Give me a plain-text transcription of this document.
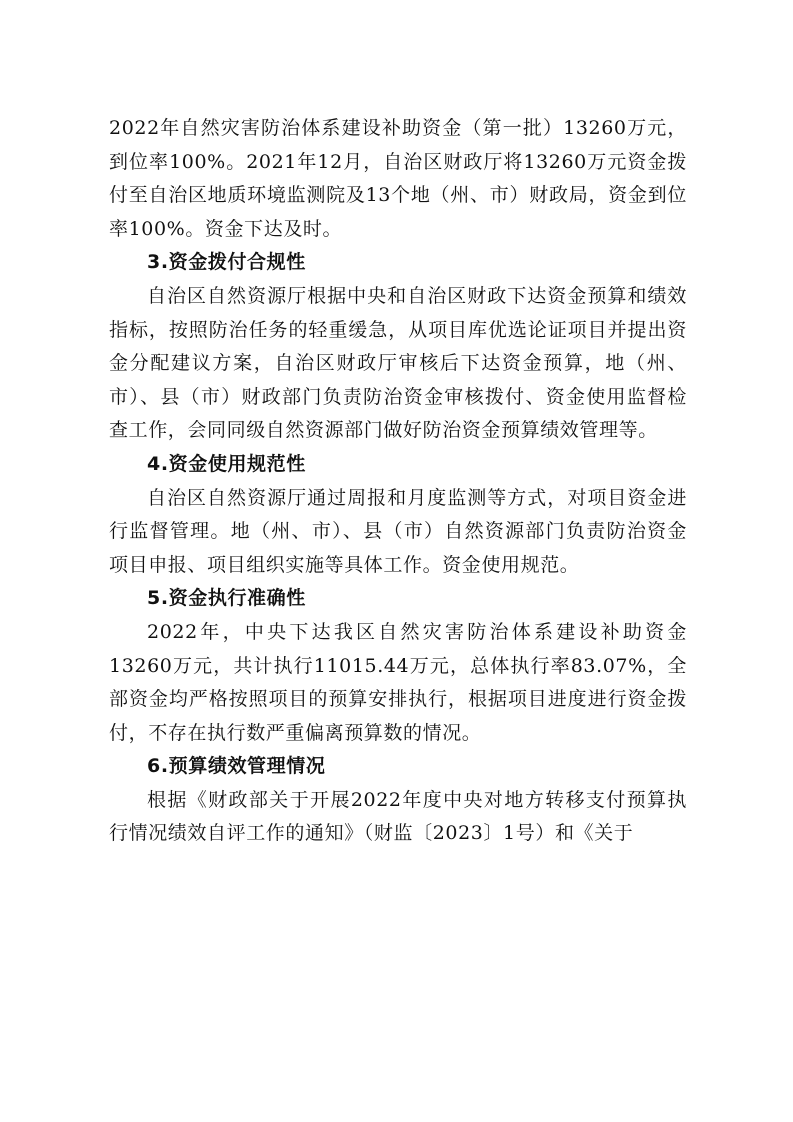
2022年自然灾害防治体系建设补助资金（第一批）13260万元，到位率100%。2021年12月，自治区财政厅将13260万元资金拨付至自治区地质环境监测院及13个地（州、市）财政局，资金到位率100%。资金下达及时。

3.资金拨付合规性

自治区自然资源厅根据中央和自治区财政下达资金预算和绩效指标，按照防治任务的轻重缓急，从项目库优选论证项目并提出资金分配建议方案，自治区财政厅审核后下达资金预算，地（州、市）、县（市）财政部门负责防治资金审核拨付、资金使用监督检查工作，会同同级自然资源部门做好防治资金预算绩效管理等。

4.资金使用规范性

自治区自然资源厅通过周报和月度监测等方式，对项目资金进行监督管理。地（州、市）、县（市）自然资源部门负责防治资金项目申报、项目组织实施等具体工作。资金使用规范。

5.资金执行准确性

2022年，中央下达我区自然灾害防治体系建设补助资金13260万元，共计执行11015.44万元，总体执行率83.07%，全部资金均严格按照项目的预算安排执行，根据项目进度进行资金拨付，不存在执行数严重偏离预算数的情况。

6.预算绩效管理情况

根据《财政部关于开展2022年度中央对地方转移支付预算执行情况绩效自评工作的通知》（财监〔2023〕1号）和《关于
